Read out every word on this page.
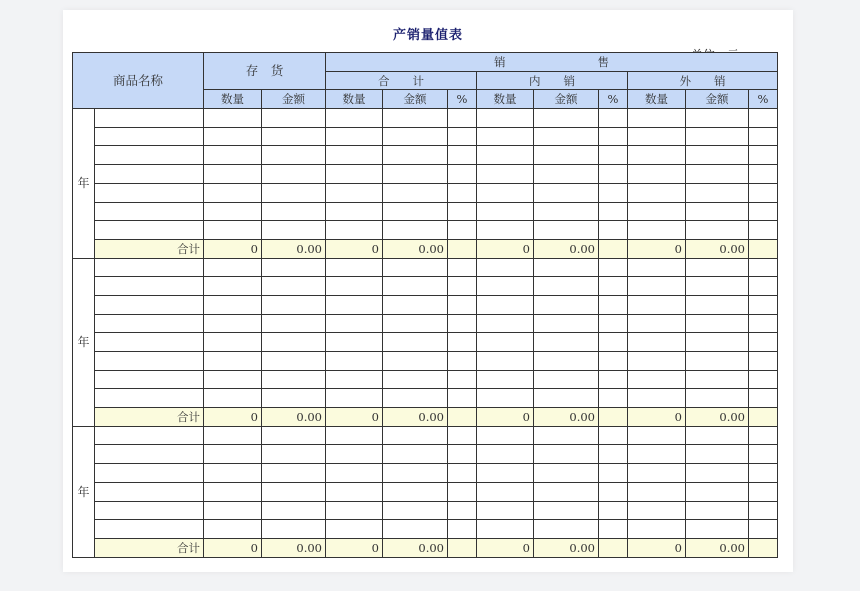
产销量值表
商品名称		存　货		销　　　　　　　　售								
				合　　计			内　　销			外　　销		
		数量	金额	数量	金额	%	数量	金额	%	数量	金额	%
年												

	合计	0	0.00	0	0.00		0	0.00		0	0.00	
年												

	合计	0	0.00	0	0.00		0	0.00		0	0.00	
年												

	合计	0	0.00	0	0.00		0	0.00		0	0.00	
